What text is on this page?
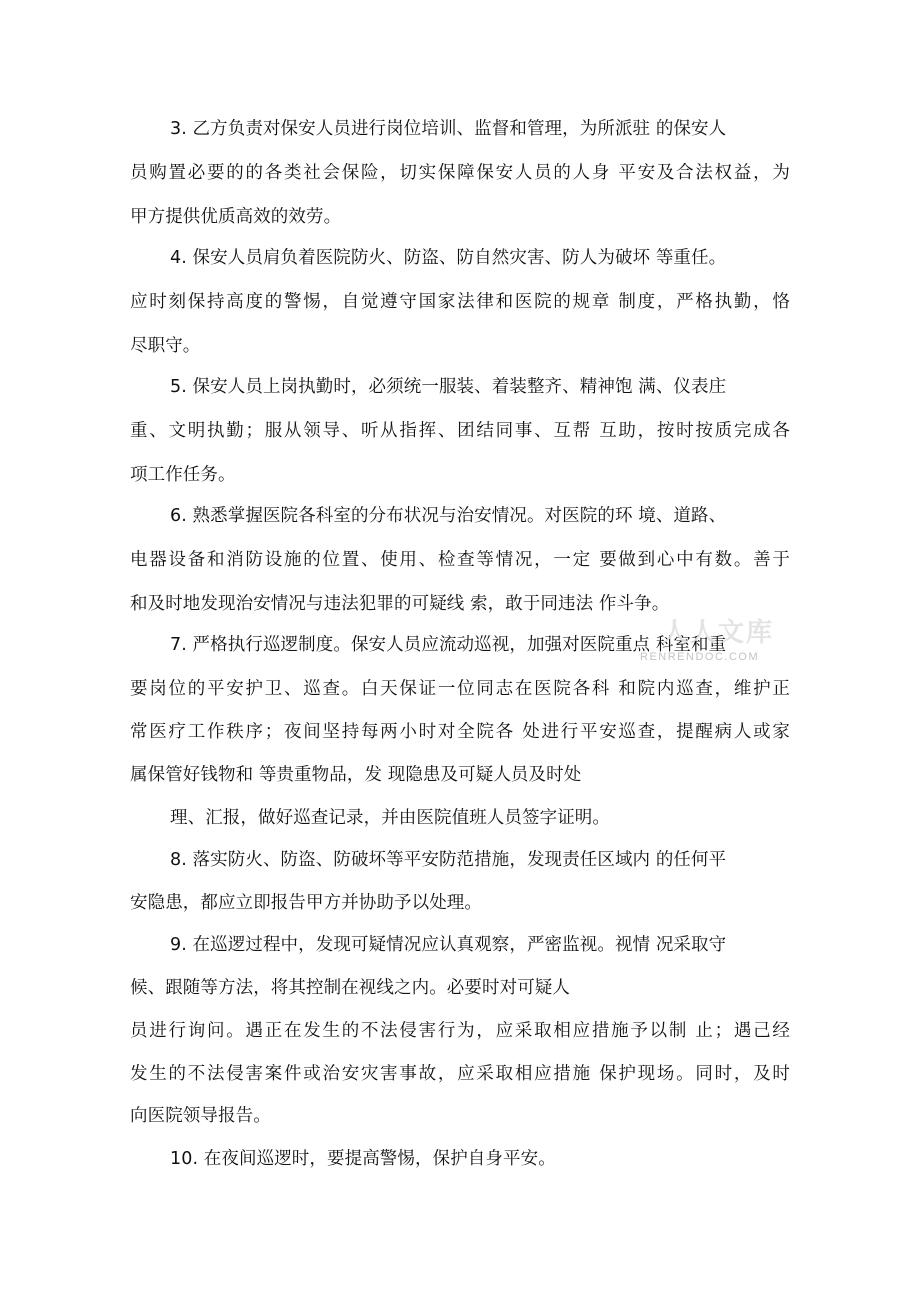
3. 乙方负责对保安人员进行岗位培训、监督和管理，为所派驻 的保安人
员购置必要的的各类社会保险，切实保障保安人员的人身 平安及合法权益，为
甲方提供优质高效的效劳。
4. 保安人员肩负着医院防火、防盗、防自然灾害、防人为破坏 等重任。
应时刻保持高度的警惕，自觉遵守国家法律和医院的规章 制度，严格执勤，恪
尽职守。
5. 保安人员上岗执勤时，必须统一服装、着装整齐、精神饱 满、仪表庄
重、文明执勤；服从领导、听从指挥、团结同事、互帮 互助，按时按质完成各
项工作任务。
6. 熟悉掌握医院各科室的分布状况与治安情况。对医院的环 境、道路、
电器设备和消防设施的位置、使用、检查等情况，一定 要做到心中有数。善于
和及时地发现治安情况与违法犯罪的可疑线 索，敢于同违法 作斗争。
7. 严格执行巡逻制度。保安人员应流动巡视，加强对医院重点 科室和重
要岗位的平安护卫、巡查。白天保证一位同志在医院各科 和院内巡查，维护正
常医疗工作秩序；夜间坚持每两小时对全院各 处进行平安巡查，提醒病人或家
属保管好钱物和 等贵重物品，发 现隐患及可疑人员及时处
理、汇报，做好巡查记录，并由医院值班人员签字证明。
8. 落实防火、防盗、防破坏等平安防范措施，发现责任区域内 的任何平
安隐患，都应立即报告甲方并协助予以处理。
9. 在巡逻过程中，发现可疑情况应认真观察，严密监视。视情 况采取守
候、跟随等方法，将其控制在视线之内。必要时对可疑人
员进行询问。遇正在发生的不法侵害行为，应采取相应措施予以制 止；遇己经
发生的不法侵害案件或治安灾害事故，应采取相应措施 保护现场。同时，及时
向医院领导报告。
10. 在夜间巡逻时，要提高警惕，保护自身平安。
人人文库
RENRENDOC.COM
